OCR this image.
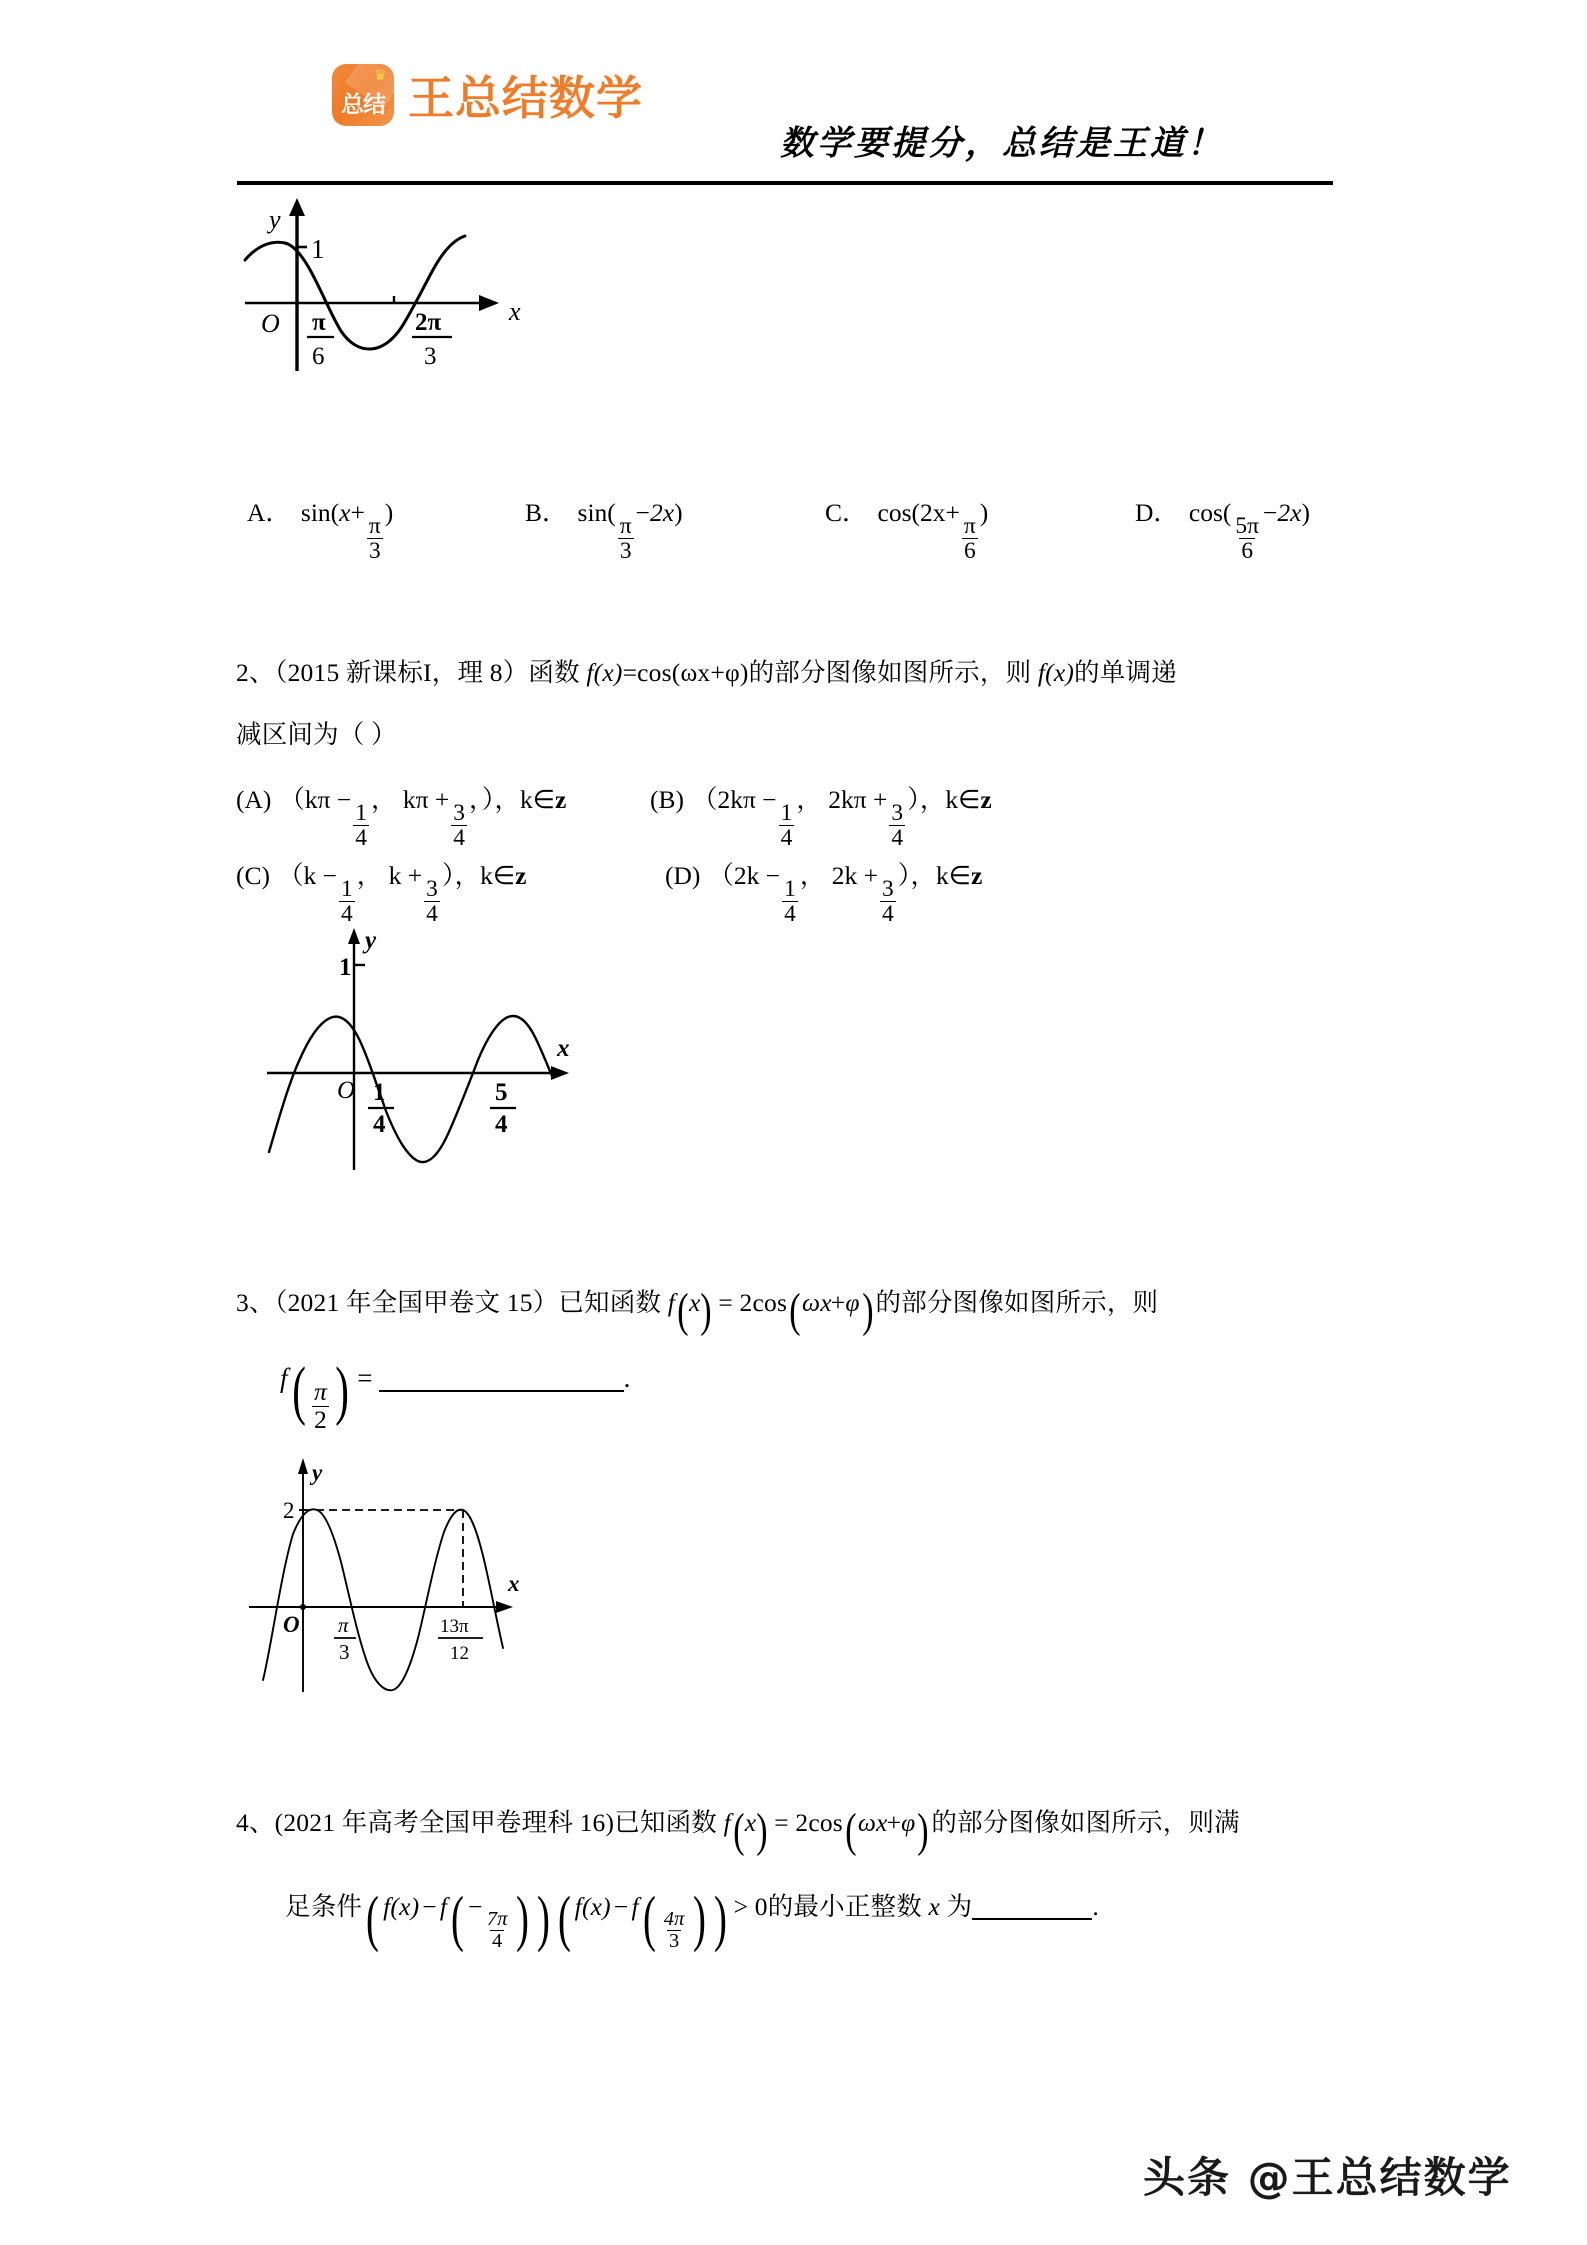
♛
总结 王总结数学
数学要提分，总结是王道！
y
x
O
1
π
6
2π
3
A． sin(x+
$\frac{\pi}{3}$
)	B． sin(
$\frac{\pi}{3}$
−2x)	C． cos(2x+
$\frac{\pi}{6}$
)	D． cos(
$\frac{5\pi}{6}$
−2x)
2、（2015 新课标I，理 8）函数 f(x)=cos(ωx+φ)的部分图像如图所示，则 f(x)的单调递
减区间为（ ）
(A) （kπ −
$\frac{1}{4}$
， kπ +
$\frac{3}{4}$
，），k∈z	(B) （2kπ −
$\frac{1}{4}$
， 2kπ +
$\frac{3}{4}$
），k∈z
(C) （k −
$\frac{1}{4}$
， k +
$\frac{3}{4}$
），k∈z	(D) （2k −
$\frac{1}{4}$
， 2k +
$\frac{3}{4}$
），k∈z
y
x
O
1
1
4
5
4
3、（2021 年全国甲卷文 15）已知函数 f(x) = 2cos(ωx+φ)的部分图像如图所示，则
$f( \frac{\pi}{2}$ ) =	.
y
x
O
2
π
3
13π
12
4、(2021 年高考全国甲卷理科 16)已知函数 f(x) = 2cos(ωx+φ)的部分图像如图所示，则满
足条件( f(x) − f( −
$\frac{7\pi}{4}$ ) ) ( $f(x) - f( \frac{4\pi}{3}$ ) ) > 0的最小正整数 x 为	.
头条 @王总结数学
